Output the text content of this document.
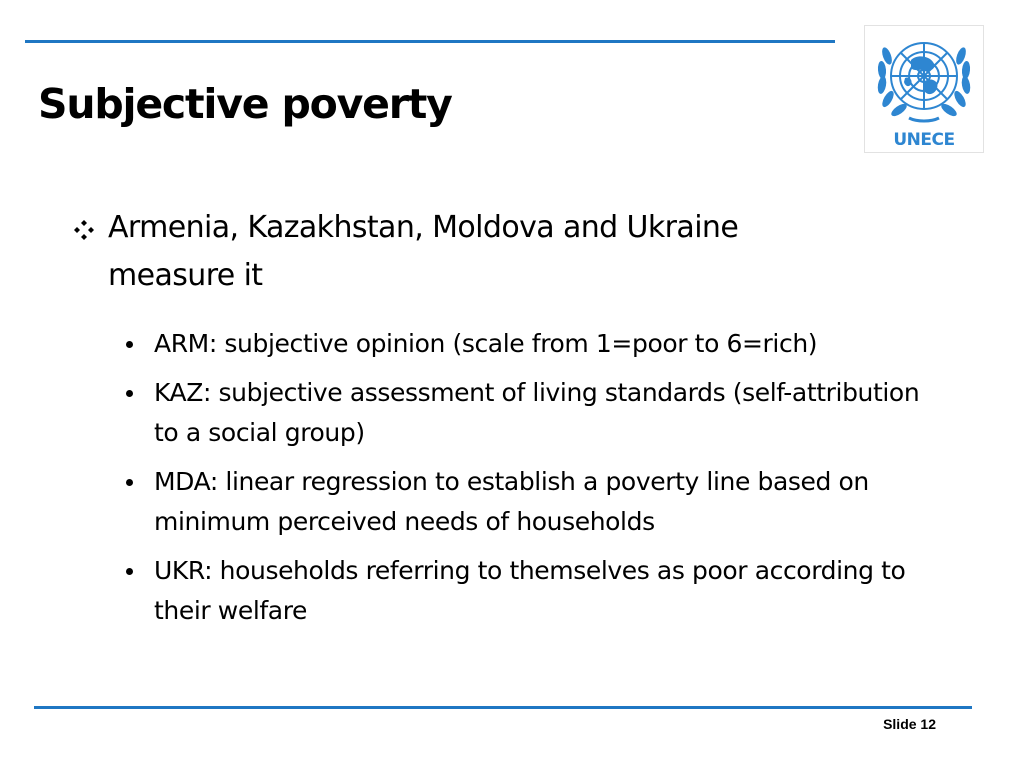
Subjective poverty
UNECE

Armenia, Kazakhstan, Moldova and Ukraine measure it

ARM: subjective opinion (scale from 1=poor to 6=rich)
KAZ: subjective assessment of living standards (self-attribution to a social group)
MDA: linear regression to establish a poverty line based on minimum perceived needs of households
UKR: households referring to themselves as poor according to their welfare
Slide 12
